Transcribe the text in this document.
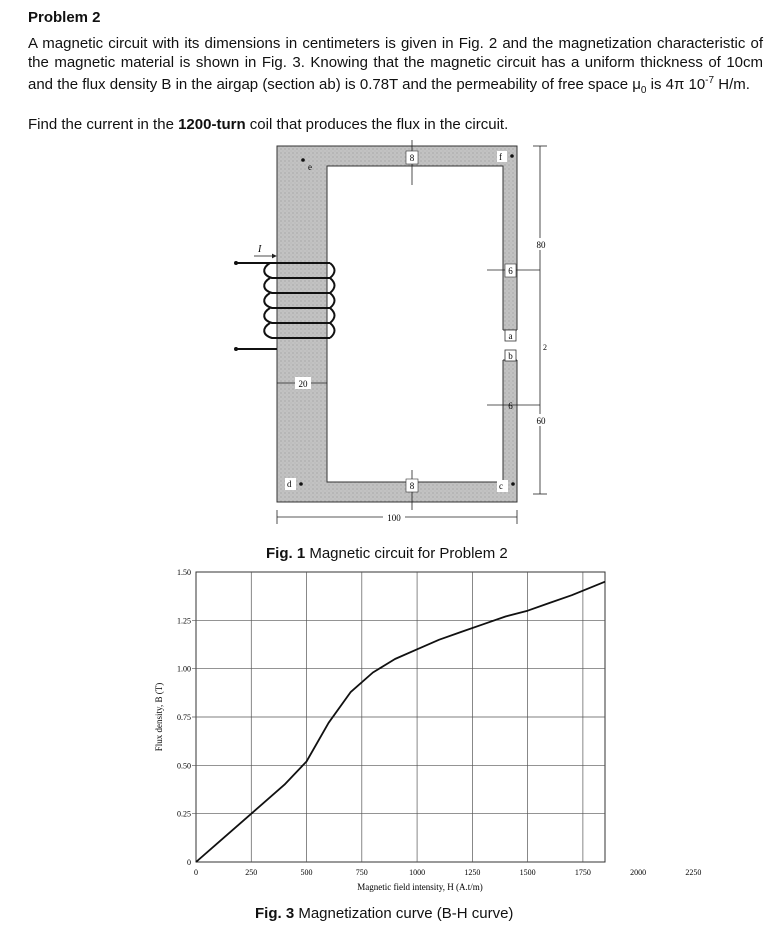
Problem 2

A magnetic circuit with its dimensions in centimeters is given in Fig. 2 and the magnetization characteristic of the magnetic material is shown in Fig. 3. Knowing that the magnetic circuit has a uniform thickness of 10cm and the flux density B in the airgap (section ab) is 0.78T and the permeability of free space $\mu_0$ is 4π $10^{-7}$ H/m.

Find the current in the 1200-turn coil that produces the flux in the circuit.

a
b
e
f
d	c
8
8
6
6
20
100
80
2
60
I
Fig. 1 Magnetic circuit for Problem 2
0	250	500	750	1000	1250	1500	1750	2000	2250
0
0.25
0.50
0.75
1.00
1.25
1.50
Magnetic field intensity, H (A.t/m)
Flux density, B (T)
Fig. 3 Magnetization curve (B-H curve)
